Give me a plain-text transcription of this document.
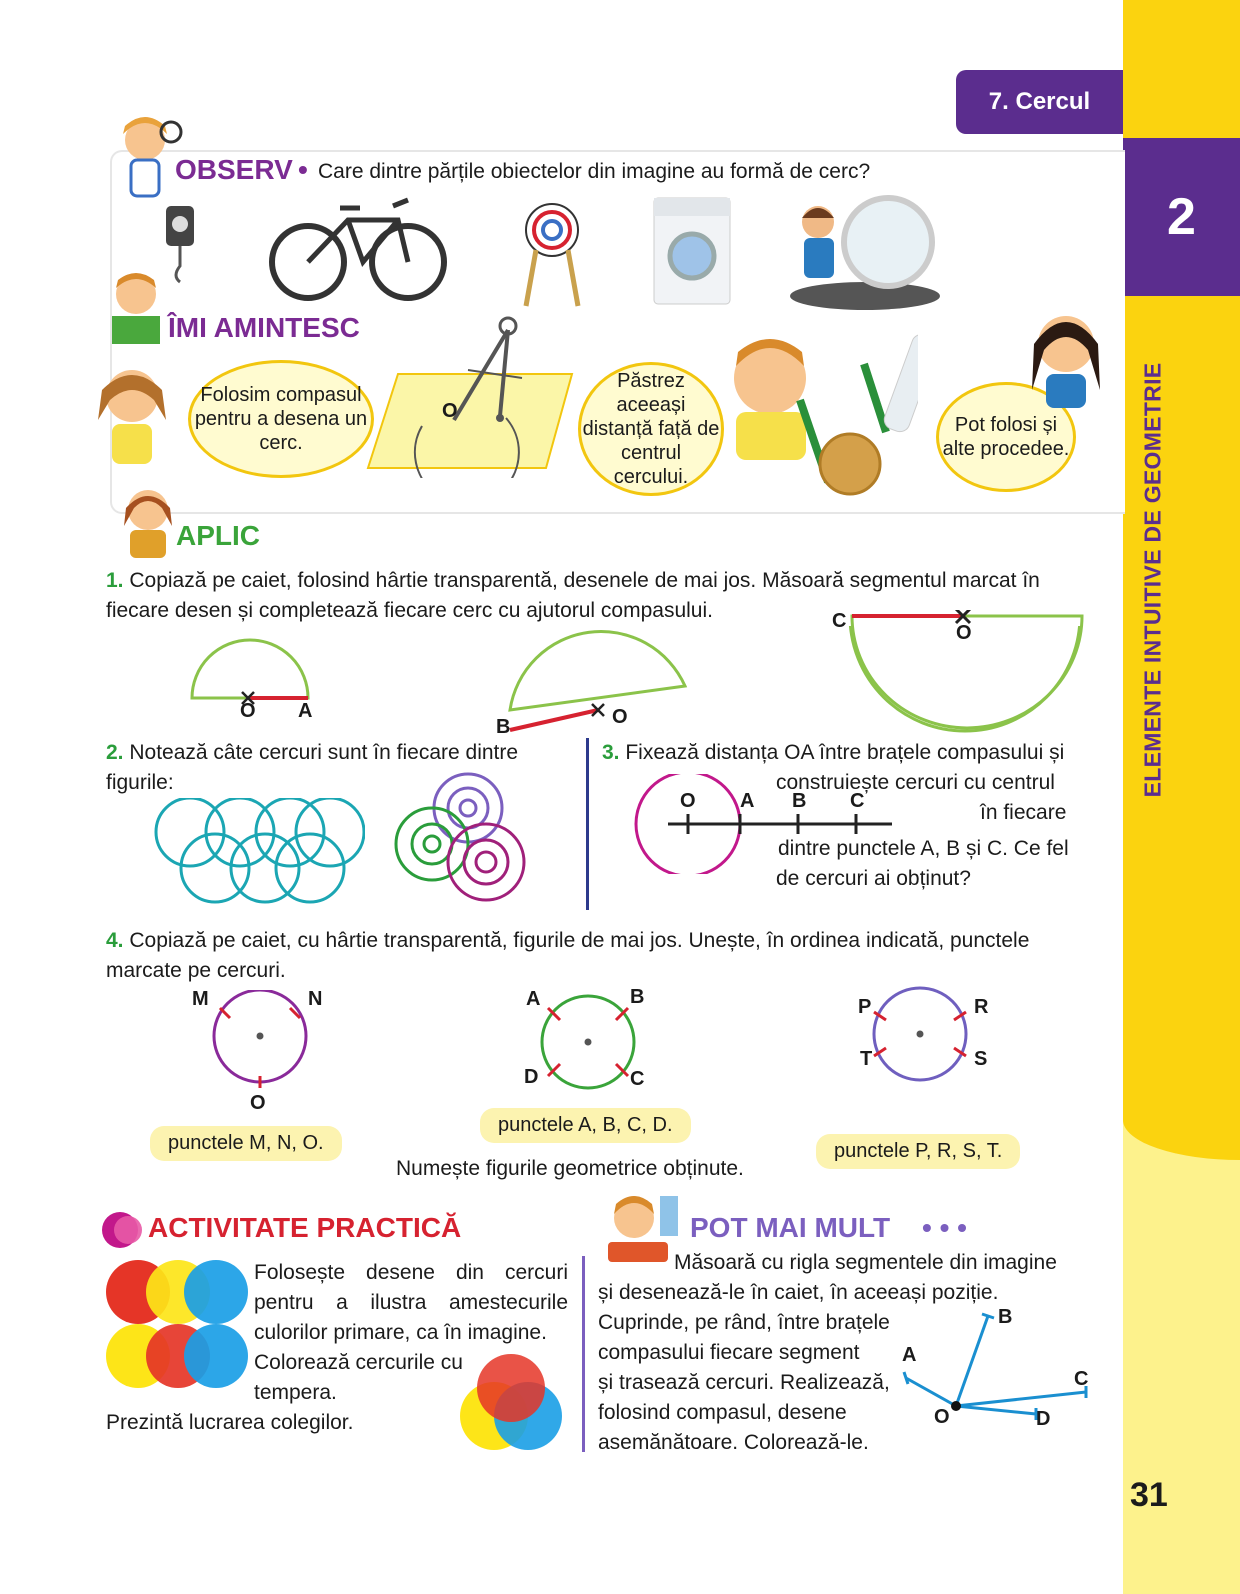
7. Cercul
2
ELEMENTE INTUITIVE DE GEOMETRIE
31
OBSERV • Care dintre părțile obiectelor din imagine au formă de cerc?
ÎMI AMINTESC
Folosim compasul pentru a desena un cerc.
O
Păstrez aceeași distanță față de centrul cercului.
Pot folosi și alte procedee.
APLIC
1. Copiază pe caiet, folosind hârtie transparentă, desenele de mai jos. Măsoară segmentul marcat în fiecare desen și completează fiecare cerc cu ajutorul compasului.
O A
B	O
C
O
2. Notează câte cercuri sunt în fiecare dintre figurile:
3. Fixează distanța OA între brațele compasului și
construiește cercuri cu centrul
în fiecare
dintre punctele A, B și C. Ce fel
de cercuri ai obținut?
O A B C
4. Copiază pe caiet, cu hârtie transparentă, figurile de mai jos. Unește, în ordinea indicată, punctele marcate pe cercuri.
M	N
O
A	B
D	C
P	R
T	S
punctele M, N, O.
punctele A, B, C, D.
punctele P, R, S, T.
Numește figurile geometrice obținute.
ACTIVITATE PRACTICĂ
Folosește desene din cercuri
pentru a ilustra amestecurile
culorilor primare, ca în imagine.
Colorează cercurile cu
tempera.
Prezintă lucrarea colegilor.
POT MAI MULT • • •
Măsoară cu rigla segmentele din imagine
și desenează-le în caiet, în aceeași poziție.
Cuprinde, pe rând, între brațele
compasului fiecare segment
și trasează cercuri. Realizează,
folosind compasul, desene
asemănătoare. Colorează-le.
B
A
C
O	D
